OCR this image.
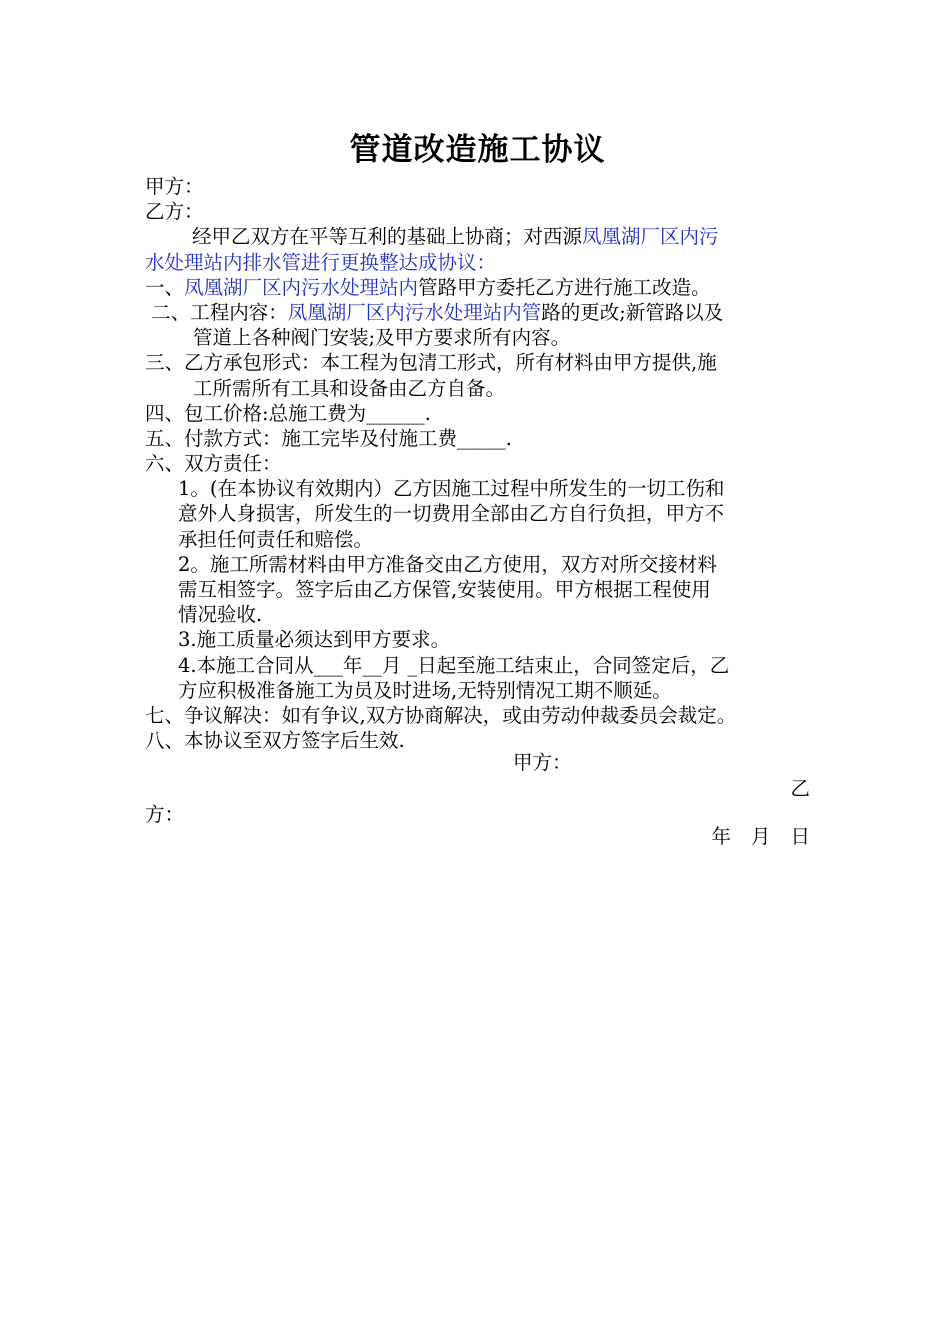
管道改造施工协议
甲方：
乙方：
经甲乙双方在平等互利的基础上协商；对西源凤凰湖厂区内污
水处理站内排水管进行更换整达成协议：
一、凤凰湖厂区内污水处理站内管路甲方委托乙方进行施工改造。
二、工程内容：凤凰湖厂区内污水处理站内管路的更改;新管路以及
管道上各种阀门安装;及甲方要求所有内容。
三、乙方承包形式：本工程为包清工形式，所有材料由甲方提供,施
工所需所有工具和设备由乙方自备。
四、包工价格:总施工费为______.
五、付款方式：施工完毕及付施工费_____.
六、双方责任：
1。(在本协议有效期内）乙方因施工过程中所发生的一切工伤和
意外人身损害，所发生的一切费用全部由乙方自行负担，甲方不
承担任何责任和赔偿。
2。施工所需材料由甲方准备交由乙方使用，双方对所交接材料
需互相签字。签字后由乙方保管,安装使用。甲方根据工程使用
情况验收.
3.施工质量必须达到甲方要求。
4.本施工合同从___年__月 _日起至施工结束止，合同签定后，乙
方应积极准备施工为员及时进场,无特别情况工期不顺延。
七、争议解决：如有争议,双方协商解决，或由劳动仲裁委员会裁定。
八、本协议至双方签字后生效.
甲方：
乙
方：
年 月 日
